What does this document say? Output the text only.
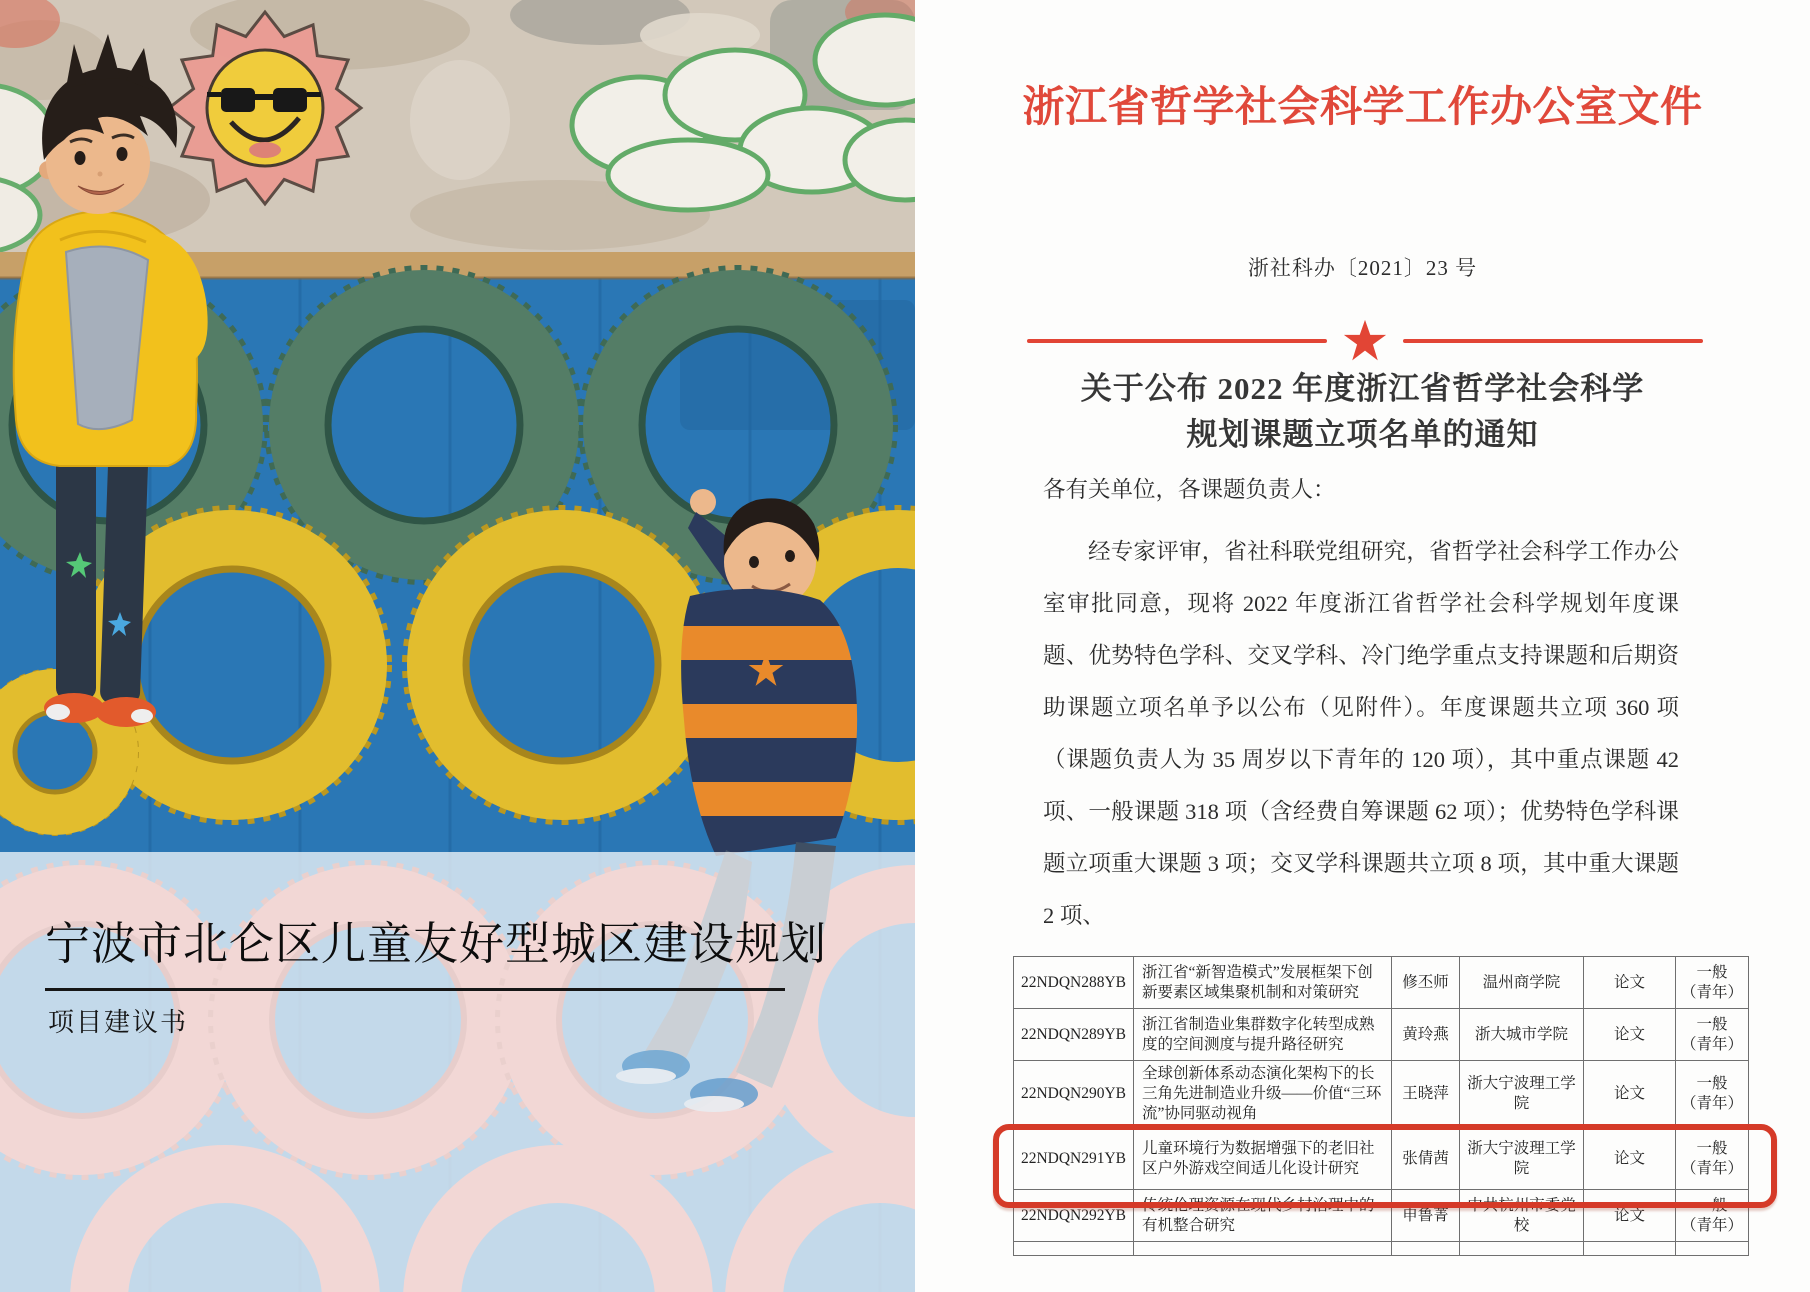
宁波市北仑区儿童友好型城区建设规划
项目建议书
浙江省哲学社会科学工作办公室文件
浙社科办〔2021〕23 号
关于公布 2022 年度浙江省哲学社会科学
规划课题立项名单的通知
各有关单位，各课题负责人：

经专家评审，省社科联党组研究，省哲学社会科学工作办公室审批同意，现将 2022 年度浙江省哲学社会科学规划年度课题、优势特色学科、交叉学科、冷门绝学重点支持课题和后期资助课题立项名单予以公布（见附件）。年度课题共立项 360 项（课题负责人为 35 周岁以下青年的 120 项），其中重点课题 42 项、一般课题 318 项（含经费自筹课题 62 项）；优势特色学科课题立项重大课题 3 项；交叉学科课题共立项 8 项，其中重大课题 2 项、

22NDQN288YB	浙江省“新智造模式”发展框架下创新要素区域集聚机制和对策研究	修丕师	温州商学院	论文	一般
（青年）

22NDQN289YB	浙江省制造业集群数字化转型成熟度的空间测度与提升路径研究	黄玲燕	浙大城市学院	论文	一般
（青年）

22NDQN290YB	全球创新体系动态演化架构下的长三角先进制造业升级——价值“三环流”协同驱动视角	王晓萍	浙大宁波理工学院	论文	一般
（青年）

22NDQN291YB	儿童环境行为数据增强下的老旧社区户外游戏空间适儿化设计研究	张倩茜	浙大宁波理工学院	论文	一般
（青年）

22NDQN292YB	传统伦理资源在现代乡村治理中的有机整合研究	申鲁菁	中共杭州市委党校	论文	一般
（青年）
